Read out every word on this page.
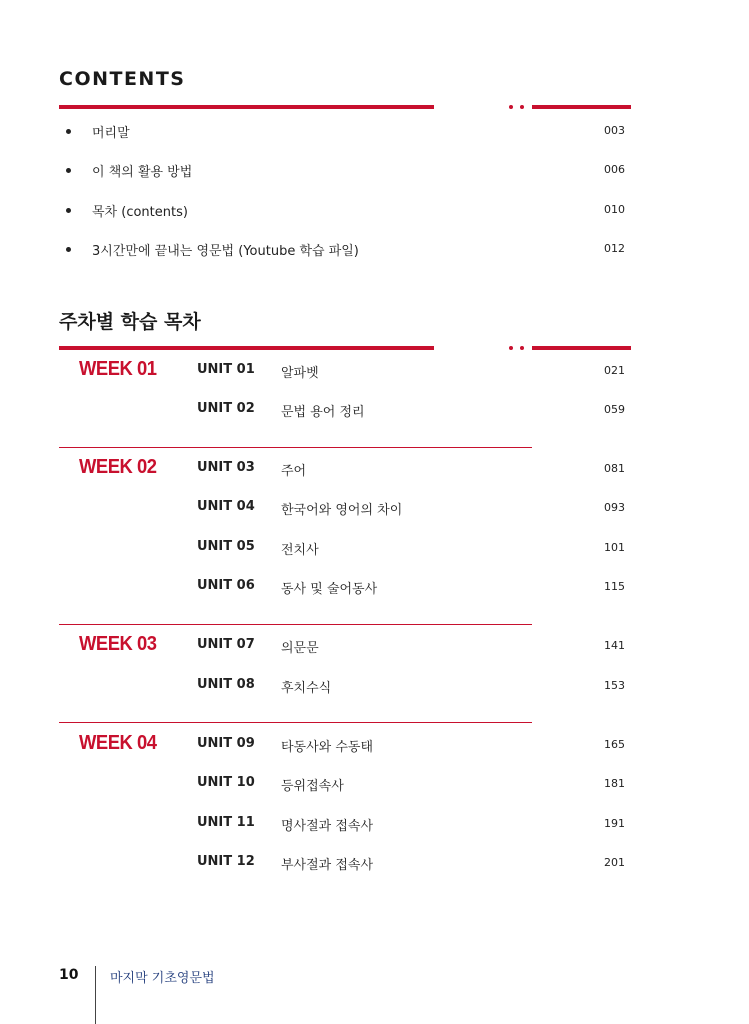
CONTENTS
머리말	003
이 책의 활용 방법	006
목차 (contents)	010
3시간만에 끝내는 영문법 (Youtube 학습 파일)	012
주차별 학습 목차
WEEK 01	UNIT 01 알파벳	021
UNIT 02 문법 용어 정리	059
WEEK 02	UNIT 03 주어	081
UNIT 04 한국어와 영어의 차이	093
UNIT 05 전치사	101
UNIT 06 동사 및 술어동사	115
WEEK 03	UNIT 07 의문문	141
UNIT 08 후치수식	153
WEEK 04	UNIT 09 타동사와 수동태	165
UNIT 10 등위접속사	181
UNIT 11 명사절과 접속사	191
UNIT 12 부사절과 접속사	201
10 마지막 기초영문법
